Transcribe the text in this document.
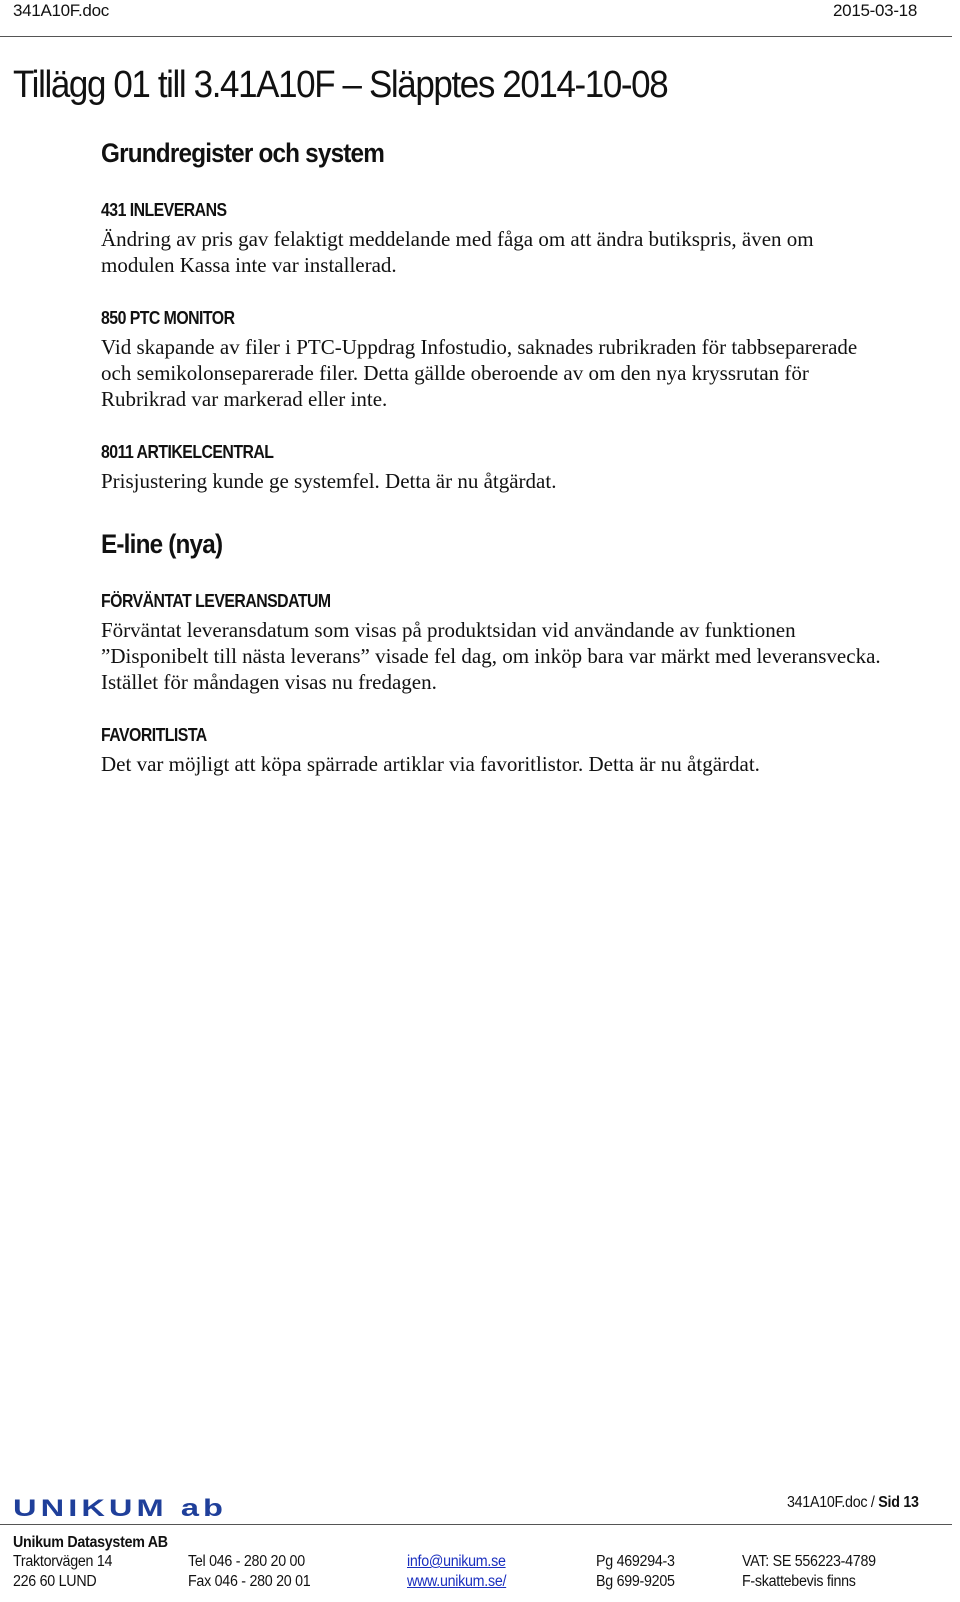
341A10F.doc	2015-03-18
Tillägg 01 till 3.41A10F – Släpptes 2014-10-08
Grundregister och system
431 INLEVERANS
Ändring av pris gav felaktigt meddelande med fåga om att ändra butikspris, även om
modulen Kassa inte var installerad.
850 PTC MONITOR
Vid skapande av filer i PTC-Uppdrag Infostudio, saknades rubrikraden för tabbseparerade
och semikolonseparerade filer. Detta gällde oberoende av om den nya kryssrutan för
Rubrikrad var markerad eller inte.
8011 ARTIKELCENTRAL
Prisjustering kunde ge systemfel. Detta är nu åtgärdat.
E-line (nya)
FÖRVÄNTAT LEVERANSDATUM
Förväntat leveransdatum som visas på produktsidan vid användande av funktionen
”Disponibelt till nästa leverans” visade fel dag, om inköp bara var märkt med leveransvecka.
Istället för måndagen visas nu fredagen.
FAVORITLISTA
Det var möjligt att köpa spärrade artiklar via favoritlistor. Detta är nu åtgärdat.
UNIKUM ab	341A10F.doc / Sid 13
Unikum Datasystem AB
Traktorvägen 14
226 60 LUND
Tel 046 - 280 20 00
Fax 046 - 280 20 01
info@unikum.se
www.unikum.se/
Pg 469294-3
Bg 699-9205
VAT: SE 556223-4789
F-skattebevis finns
